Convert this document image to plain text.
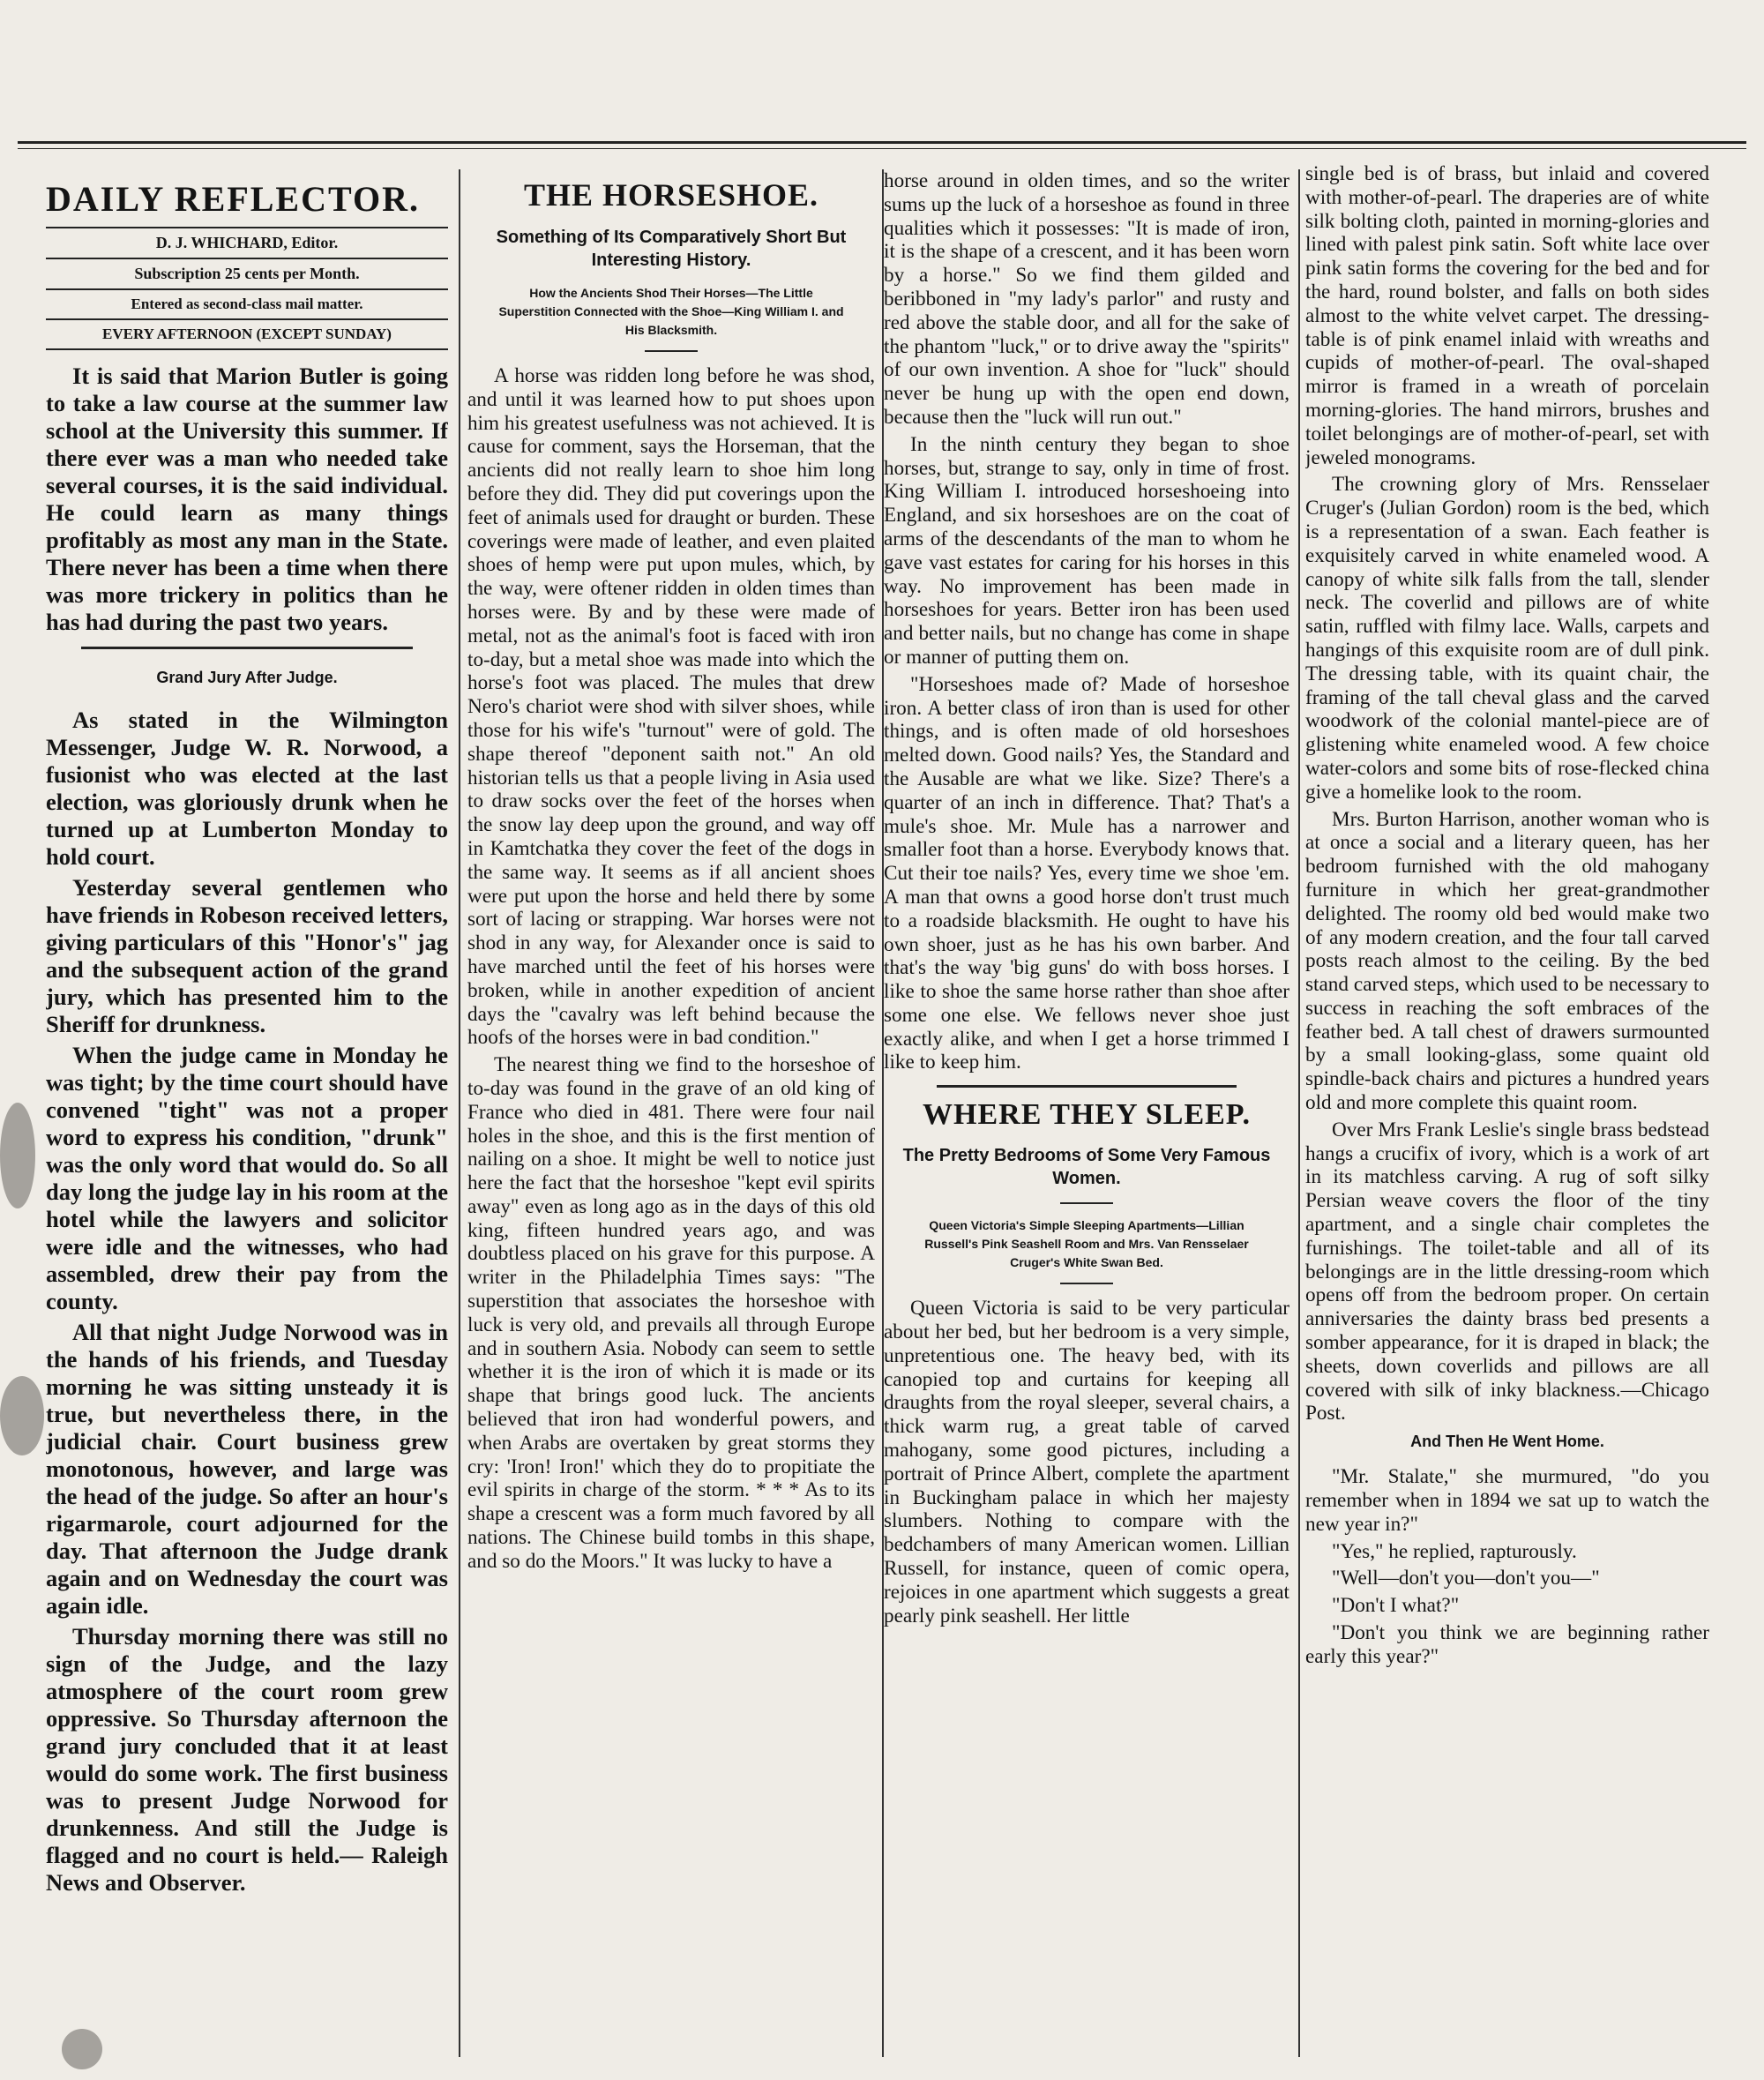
DAILY REFLECTOR.
D. J. WHICHARD, Editor.
Subscription 25 cents per Month.
Entered as second-class mail matter.
EVERY AFTERNOON (EXCEPT SUNDAY)

It is said that Marion Butler is going to take a law course at the summer law school at the University this summer. If there ever was a man who needed take several courses, it is the said individual. He could learn as many things profitably as most any man in the State. There never has been a time when there was more trickery in politics than he has had during the past two years.

Grand Jury After Judge.

As stated in the Wilmington Messenger, Judge W. R. Norwood, a fusionist who was elected at the last election, was gloriously drunk when he turned up at Lumberton Monday to hold court.

Yesterday several gentlemen who have friends in Robeson received letters, giving particulars of this "Honor's" jag and the subsequent action of the grand jury, which has presented him to the Sheriff for drunkness.

When the judge came in Monday he was tight; by the time court should have convened "tight" was not a proper word to express his condition, "drunk" was the only word that would do. So all day long the judge lay in his room at the hotel while the lawyers and solicitor were idle and the witnesses, who had assembled, drew their pay from the county.

All that night Judge Norwood was in the hands of his friends, and Tuesday morning he was sitting unsteady it is true, but nevertheless there, in the judicial chair. Court business grew monotonous, however, and large was the head of the judge. So after an hour's rigarmarole, court adjourned for the day. That afternoon the Judge drank again and on Wednesday the court was again idle.

Thursday morning there was still no sign of the Judge, and the lazy atmosphere of the court room grew oppressive. So Thursday afternoon the grand jury concluded that it at least would do some work. The first business was to present Judge Norwood for drunkenness. And still the Judge is flagged and no court is held.— Raleigh News and Observer.

THE HORSESHOE.
Something of Its Comparatively Short But Interesting History.
How the Ancients Shod Their Horses—The Little Superstition Connected with the Shoe—King William I. and His Blacksmith.

A horse was ridden long before he was shod, and until it was learned how to put shoes upon him his greatest usefulness was not achieved. It is cause for comment, says the Horseman, that the ancients did not really learn to shoe him long before they did. They did put coverings upon the feet of animals used for draught or burden. These coverings were made of leather, and even plaited shoes of hemp were put upon mules, which, by the way, were oftener ridden in olden times than horses were. By and by these were made of metal, not as the animal's foot is faced with iron to-day, but a metal shoe was made into which the horse's foot was placed. The mules that drew Nero's chariot were shod with silver shoes, while those for his wife's "turnout" were of gold. The shape thereof "deponent saith not." An old historian tells us that a people living in Asia used to draw socks over the feet of the horses when the snow lay deep upon the ground, and way off in Kamtchatka they cover the feet of the dogs in the same way. It seems as if all ancient shoes were put upon the horse and held there by some sort of lacing or strapping. War horses were not shod in any way, for Alexander once is said to have marched until the feet of his horses were broken, while in another expedition of ancient days the "cavalry was left behind because the hoofs of the horses were in bad condition."

The nearest thing we find to the horseshoe of to-day was found in the grave of an old king of France who died in 481. There were four nail holes in the shoe, and this is the first mention of nailing on a shoe. It might be well to notice just here the fact that the horseshoe "kept evil spirits away" even as long ago as in the days of this old king, fifteen hundred years ago, and was doubtless placed on his grave for this purpose. A writer in the Philadelphia Times says: "The superstition that associates the horseshoe with luck is very old, and prevails all through Europe and in southern Asia. Nobody can seem to settle whether it is the iron of which it is made or its shape that brings good luck. The ancients believed that iron had wonderful powers, and when Arabs are overtaken by great storms they cry: 'Iron! Iron!' which they do to propitiate the evil spirits in charge of the storm. * * * As to its shape a crescent was a form much favored by all nations. The Chinese build tombs in this shape, and so do the Moors." It was lucky to have a

horse around in olden times, and so the writer sums up the luck of a horseshoe as found in three qualities which it possesses: "It is made of iron, it is the shape of a crescent, and it has been worn by a horse." So we find them gilded and beribboned in "my lady's parlor" and rusty and red above the stable door, and all for the sake of the phantom "luck," or to drive away the "spirits" of our own invention. A shoe for "luck" should never be hung up with the open end down, because then the "luck will run out."

In the ninth century they began to shoe horses, but, strange to say, only in time of frost. King William I. introduced horseshoeing into England, and six horseshoes are on the coat of arms of the descendants of the man to whom he gave vast estates for caring for his horses in this way. No improvement has been made in horseshoes for years. Better iron has been used and better nails, but no change has come in shape or manner of putting them on.

"Horseshoes made of? Made of horseshoe iron. A better class of iron than is used for other things, and is often made of old horseshoes melted down. Good nails? Yes, the Standard and the Ausable are what we like. Size? There's a quarter of an inch in difference. That? That's a mule's shoe. Mr. Mule has a narrower and smaller foot than a horse. Everybody knows that. Cut their toe nails? Yes, every time we shoe 'em. A man that owns a good horse don't trust much to a roadside blacksmith. He ought to have his own shoer, just as he has his own barber. And that's the way 'big guns' do with boss horses. I like to shoe the same horse rather than shoe after some one else. We fellows never shoe just exactly alike, and when I get a horse trimmed I like to keep him.

WHERE THEY SLEEP.
The Pretty Bedrooms of Some Very Famous Women.
Queen Victoria's Simple Sleeping Apartments—Lillian Russell's Pink Seashell Room and Mrs. Van Rensselaer Cruger's White Swan Bed.

Queen Victoria is said to be very particular about her bed, but her bedroom is a very simple, unpretentious one. The heavy bed, with its canopied top and curtains for keeping all draughts from the royal sleeper, several chairs, a thick warm rug, a great table of carved mahogany, some good pictures, including a portrait of Prince Albert, complete the apartment in Buckingham palace in which her majesty slumbers. Nothing to compare with the bedchambers of many American women. Lillian Russell, for instance, queen of comic opera, rejoices in one apartment which suggests a great pearly pink seashell. Her little

single bed is of brass, but inlaid and covered with mother-of-pearl. The draperies are of white silk bolting cloth, painted in morning-glories and lined with palest pink satin. Soft white lace over pink satin forms the covering for the bed and for the hard, round bolster, and falls on both sides almost to the white velvet carpet. The dressing-table is of pink enamel inlaid with wreaths and cupids of mother-of-pearl. The oval-shaped mirror is framed in a wreath of porcelain morning-glories. The hand mirrors, brushes and toilet belongings are of mother-of-pearl, set with jeweled monograms.

The crowning glory of Mrs. Rensselaer Cruger's (Julian Gordon) room is the bed, which is a representation of a swan. Each feather is exquisitely carved in white enameled wood. A canopy of white silk falls from the tall, slender neck. The coverlid and pillows are of white satin, ruffled with filmy lace. Walls, carpets and hangings of this exquisite room are of dull pink. The dressing table, with its quaint chair, the framing of the tall cheval glass and the carved woodwork of the colonial mantel-piece are of glistening white enameled wood. A few choice water-colors and some bits of rose-flecked china give a homelike look to the room.

Mrs. Burton Harrison, another woman who is at once a social and a literary queen, has her bedroom furnished with the old mahogany furniture in which her great-grandmother delighted. The roomy old bed would make two of any modern creation, and the four tall carved posts reach almost to the ceiling. By the bed stand carved steps, which used to be necessary to success in reaching the soft embraces of the feather bed. A tall chest of drawers surmounted by a small looking-glass, some quaint old spindle-back chairs and pictures a hundred years old and more complete this quaint room.

Over Mrs Frank Leslie's single brass bedstead hangs a crucifix of ivory, which is a work of art in its matchless carving. A rug of soft silky Persian weave covers the floor of the tiny apartment, and a single chair completes the furnishings. The toilet-table and all of its belongings are in the little dressing-room which opens off from the bedroom proper. On certain anniversaries the dainty brass bed presents a somber appearance, for it is draped in black; the sheets, down coverlids and pillows are all covered with silk of inky blackness.—Chicago Post.

And Then He Went Home.

"Mr. Stalate," she murmured, "do you remember when in 1894 we sat up to watch the new year in?"

"Yes," he replied, rapturously.

"Well—don't you—don't you—"

"Don't I what?"

"Don't you think we are beginning rather early this year?"
